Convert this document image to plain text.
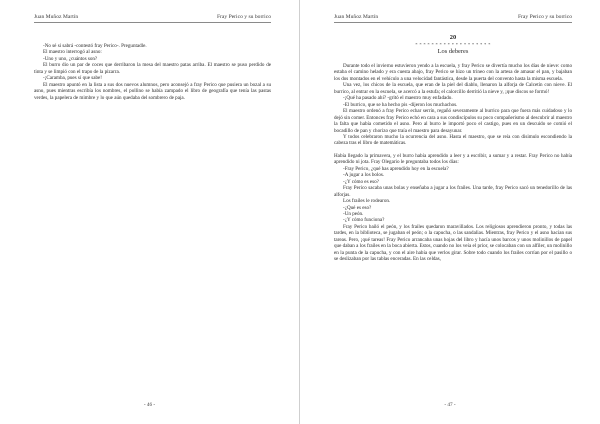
Juan Muñoz Martín	Fray Perico y su borrico

-No sé si sabrá -contestó fray Perico-. Preguntadle.

El maestro interrogó al asno:

-Uno y uno, ¿cuántos son?

El burro dio un par de coces que derribaron la mesa del maestro patas arriba. El maestro se puso perdido de tinta y se limpió con el trapo de la pizarra.

-¡Caramba, pues sí que sabe!

El maestro apuntó en la lista a sus dos nuevos alumnos, pero aconsejó a fray Perico que pusiera un bozal a su asno, pues mientras escribía los nombres, el pollino se había zampado el libro de geografía que tenía las pastas verdes, la papelera de mimbre y lo que aún quedaba del sombrero de paja.

- 46 -
Juan Muñoz Martín	Fray Perico y su borrico
20
* * * * * * * * * * * * * * * * * * *
Los deberes

Durante todo el invierno estuvieron yendo a la escuela, y fray Perico se divertía mucho los días de nieve: como estaba el camino helado y era cuesta abajo, fray Perico se hizo un trineo con la artesa de amasar el pan, y bajaban los dos montados en el vehículo a una velocidad fantástica, desde la puerta del convento hasta la misma escuela.

Una vez, los chicos de la escuela, que eran de la piel del diablo, llenaron la alforja de Calcetín con nieve. El burrico, al entrar en la escuela, se acercó a la estufa; el calorcillo derritió la nieve y, ¡que discos se formó!

-¡Qué ha pasado ahí? -gritó el maestro muy enfadado.

-El burrico, que se ha hecho pis -dijeron los muchachos.

El maestro ordenó a fray Perico echar serrín, regañó severamente al burrico para que fuera más cuidadoso y lo dejó sin comer. Entonces fray Perico echó en cara a sus condiscípulos su poco compañerismo al descubrir al maestro la falta que había cometido el asno. Pero al burro le importó poco el castigo, pues en un descuido se comió el bocadillo de pan y chorizo que traía el maestro para desayunar.

Y todos celebraron mucho la ocurrencia del asno. Hasta el maestro, que se reía con disimulo escondiendo la cabeza tras el libro de matemáticas.

Había llegado la primavera, y el burro había aprendido a leer y a escribir, a sumar y a restar. Fray Perico no había aprendido ni jota. Fray Olegario le preguntaba todos los días:

-Fray Perico, ¿qué has aprendido hoy en la escuela?

-A jugar a los bolos.

-¿Y cómo es eso?

Fray Perico sacaba unas bolas y enseñaba a jugar a los frailes. Una tarde, fray Perico sacó un tenedorillo de las alforjas.

Los frailes le rodearon.

-¿Qué es eso?

-Un peón.

-¿Y cómo funciona?

Fray Perico bailó el peón, y los frailes quedaron maravillados. Los religiosos aprendieron pronto, y todas las tardes, en la biblioteca, se jugaban el peón; o la capucha, o las sandalias. Mientras, fray Perico y el asno hacían sus tareas. Pero, ¡qué tareas! Fray Perico arrancaba unas hojas del libro y hacía unos barcos y unos molinillos de papel que daban a los frailes en la boca abierta. Estos, cuando no los veía el prior, se colocaban con un alfiler, un molinillo en la punta de la capucha, y con el aire había que verlos girar. Sobre todo cuando los frailes corrían por el pasillo o se deslizaban por las tablas enceradas. En las celdas,

- 47 -
